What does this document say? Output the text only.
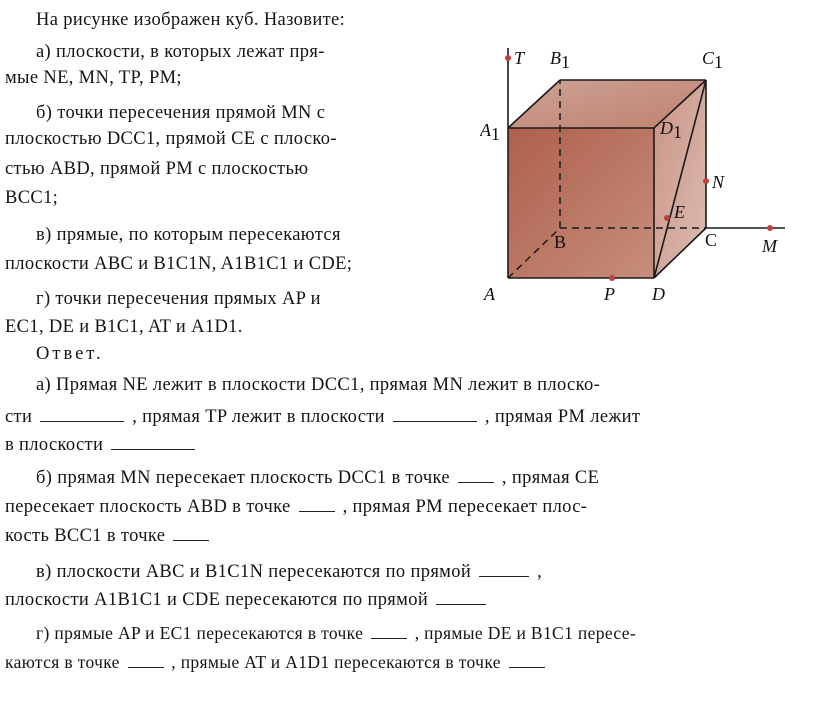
На рисунке изображен куб. Назовите:
а) плоскости, в которых лежат пря-
мые NE, MN, TP, PM;
б) точки пересечения прямой MN с
плоскостью DCC1, прямой CE с плоско-
стью ABD, прямой PM с плоскостью
BCC1;
в) прямые, по которым пересекаются
плоскости ABC и B1C1N, A1B1C1 и CDE;
г) точки пересечения прямых AP и
EC1, DE и B1C1, AT и A1D1.
Ответ.
а) Прямая NE лежит в плоскости DCC1, прямая MN лежит в плоско-
сти	, прямая TP лежит в плоскости	, прямая PM лежит
в плоскости
б) прямая MN пересекает плоскость DCC1 в точке	, прямая CE
пересекает плоскость ABD в точке	, прямая PM пересекает плос-
кость BCC1 в точке
в) плоскости ABC и B1C1N пересекаются по прямой	,
плоскости A1B1C1 и CDE пересекаются по прямой
г) прямые AP и EC1 пересекаются в точке	, прямые DE и B1C1 пересе-
каются в точке	, прямые AT и A1D1 пересекаются в точке
T B1	C1
A1	D1
N
E
B	C M
A	P D
